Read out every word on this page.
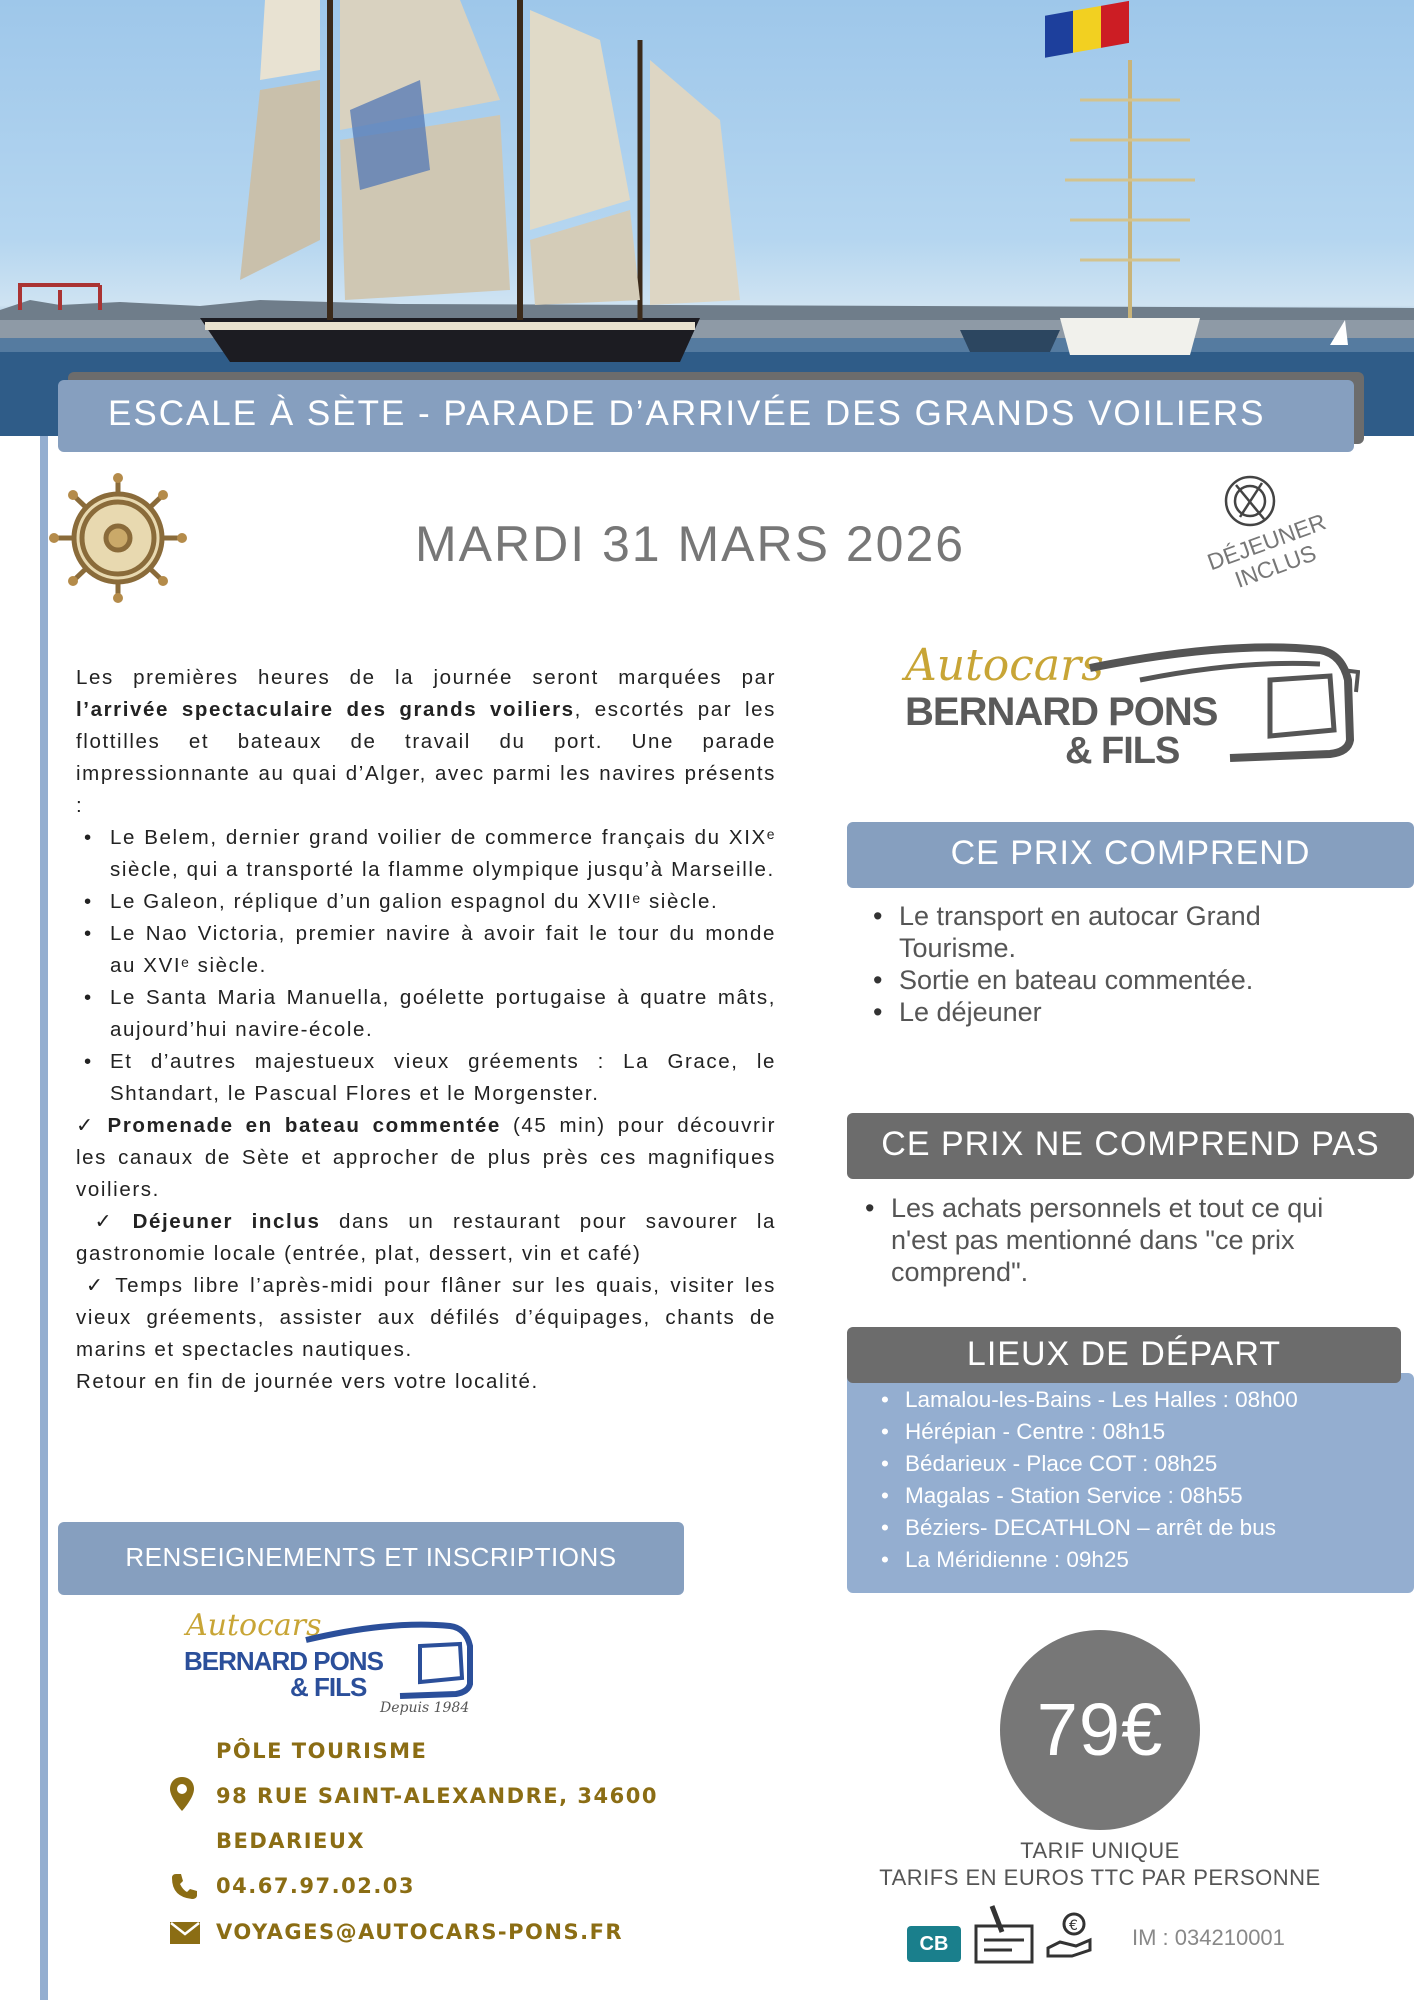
ESCALE À SÈTE - PARADE D’ARRIVÉE DES GRANDS VOILIERS
MARDI 31 MARS 2026	DÉJEUNER INCLUS

Les premières heures de la journée seront marquées par l’arrivée spectaculaire des grands voiliers, escortés par les flottilles et bateaux de travail du port. Une parade impressionnante au quai d’Alger, avec parmi les navires présents :

• Le Belem, dernier grand voilier de commerce français du XIXᵉ siècle, qui a transporté la flamme olympique jusqu’à Marseille.
• Le Galeon, réplique d’un galion espagnol du XVIIᵉ siècle.
• Le Nao Victoria, premier navire à avoir fait le tour du monde au XVIᵉ siècle.
• Le Santa Maria Manuella, goélette portugaise à quatre mâts, aujourd’hui navire-école.
• Et d’autres majestueux vieux gréements : La Grace, le Shtandart, le Pascual Flores et le Morgenster.

✓ Promenade en bateau commentée (45 min) pour découvrir les canaux de Sète et approcher de plus près ces magnifiques voiliers.

✓ Déjeuner inclus dans un restaurant pour savourer la gastronomie locale (entrée, plat, dessert, vin et café)

✓ Temps libre l’après-midi pour flâner sur les quais, visiter les vieux gréements, assister aux défilés d’équipages, chants de marins et spectacles nautiques.

Retour en fin de journée vers votre localité.

Autocars
BERNARD PONS
& FILS
CE PRIX COMPREND
• Le transport en autocar Grand Tourisme.
• Sortie en bateau commentée.
• Le déjeuner
CE PRIX NE COMPREND PAS
• Les achats personnels et tout ce qui n'est pas mentionné dans "ce prix comprend".
LIEUX DE DÉPART
• Lamalou-les-Bains - Les Halles : 08h00
• Hérépian - Centre : 08h15
• Bédarieux - Place COT : 08h25
• Magalas - Station Service : 08h55
• Béziers- DECATHLON – arrêt de bus
• La Méridienne : 09h25
79€
TARIF UNIQUE
TARIFS EN EUROS TTC PAR PERSONNE
CB
€ IM : 034210001
RENSEIGNEMENTS ET INSCRIPTIONS
Autocars
BERNARD PONS
& FILS
Depuis 1984
PÔLE TOURISME
98 RUE SAINT-ALEXANDRE, 34600
BEDARIEUX
04.67.97.02.03
VOYAGES@AUTOCARS-PONS.FR
